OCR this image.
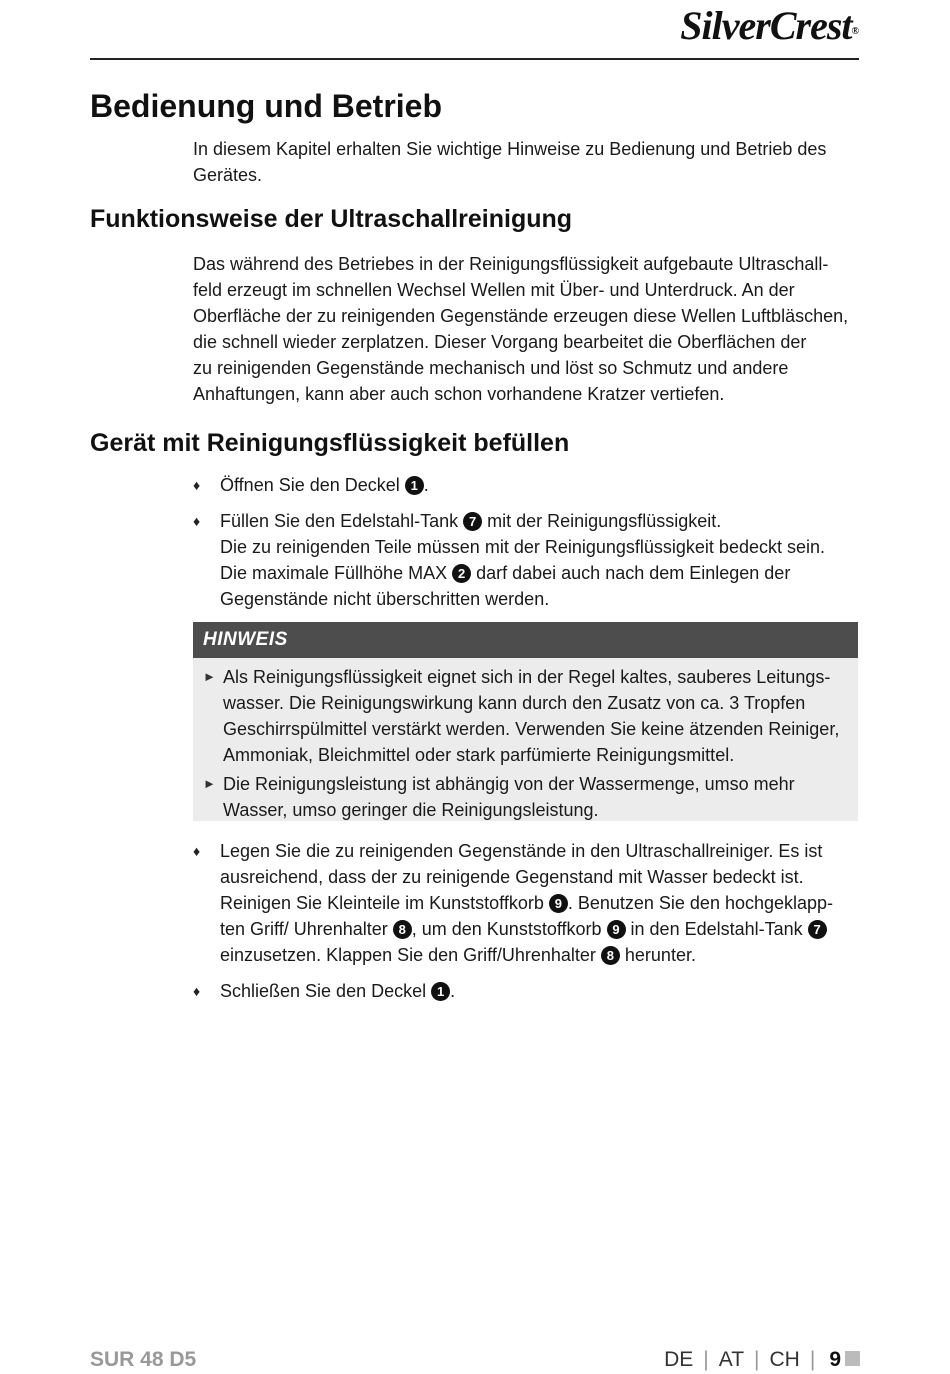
SilverCrest®
Bedienung und Betrieb

In diesem Kapitel erhalten Sie wichtige Hinweise zu Bedienung und Betrieb des
Gerätes.

Funktionsweise der Ultraschallreinigung

Das während des Betriebes in der Reinigungsflüssigkeit aufgebaute Ultraschall-
feld erzeugt im schnellen Wechsel Wellen mit Über- und Unterdruck. An der
Oberfläche der zu reinigenden Gegenstände erzeugen diese Wellen Luftbläschen,
die schnell wieder zerplatzen. Dieser Vorgang bearbeitet die Oberflächen der
zu reinigenden Gegenstände mechanisch und löst so Schmutz und andere
Anhaftungen, kann aber auch schon vorhandene Kratzer vertiefen.

Gerät mit Reinigungsflüssigkeit befüllen
♦ Öffnen Sie den Deckel 1 .
♦ Füllen Sie den Edelstahl-Tank 7 mit der Reinigungsflüssigkeit.
Die zu reinigenden Teile müssen mit der Reinigungsflüssigkeit bedeckt sein.
Die maximale Füllhöhe MAX 2 darf dabei auch nach dem Einlegen der
Gegenstände nicht überschritten werden.
HINWEIS
► Als Reinigungsflüssigkeit eignet sich in der Regel kaltes, sauberes Leitungs-
wasser. Die Reinigungswirkung kann durch den Zusatz von ca. 3 Tropfen
Geschirrspülmittel verstärkt werden. Verwenden Sie keine ätzenden Reiniger,
Ammoniak, Bleichmittel oder stark parfümierte Reinigungsmittel.
► Die Reinigungsleistung ist abhängig von der Wassermenge, umso mehr
Wasser, umso geringer die Reinigungsleistung.
♦ Legen Sie die zu reinigenden Gegenstände in den Ultraschallreiniger. Es ist
ausreichend, dass der zu reinigende Gegenstand mit Wasser bedeckt ist.
Reinigen Sie Kleinteile im Kunststoffkorb 9 . Benutzen Sie den hochgeklapp-
ten Griff/ Uhrenhalter 8 , um den Kunststoffkorb 9 in den Edelstahl-Tank 7
einzusetzen. Klappen Sie den Griff/Uhrenhalter 8 herunter.
♦ Schließen Sie den Deckel 1 .
SUR 48 D5	DE | AT | CH | 9
